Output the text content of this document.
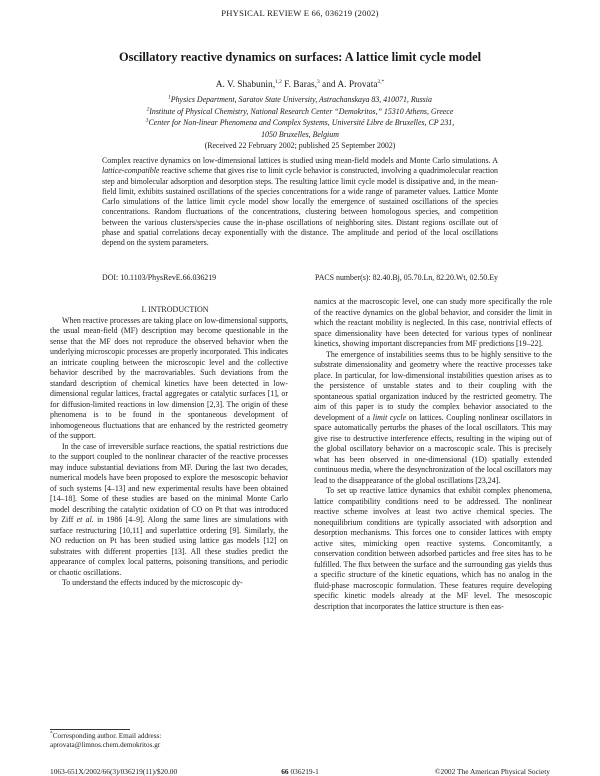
PHYSICAL REVIEW E 66, 036219 (2002)
Oscillatory reactive dynamics on surfaces: A lattice limit cycle model
A. V. Shabunin,$^{1,2}$ F. Baras,$^3$ and A. Provata$^{2,*}$
$^1$Physics Department, Saratov State University, Astrachanskaya 83, 410071, Russia
$^2$Institute of Physical Chemistry, National Research Center “Demokritos,” 15310 Athens, Greece
$^3$Center for Non-linear Phenomena and Complex Systems, Université Libre de Bruxelles, CP 231,
1050 Bruxelles, Belgium
(Received 22 February 2002; published 25 September 2002)
Complex reactive dynamics on low-dimensional lattices is studied using mean-field models and Monte Carlo simulations. A lattice-compatible reactive scheme that gives rise to limit cycle behavior is constructed, involving a quadrimolecular reaction step and bimolecular adsorption and desorption steps. The resulting lattice limit cycle model is dissipative and, in the mean-field limit, exhibits sustained oscillations of the species concentrations for a wide range of parameter values. Lattice Monte Carlo simulations of the lattice limit cycle model show locally the emergence of sustained oscillations of the species concentrations. Random fluctuations of the concentrations, clustering between homologous species, and competition between the various clusters/species cause the in-phase oscillations of neighboring sites. Distant regions oscillate out of phase and spatial correlations decay exponentially with the distance. The amplitude and period of the local oscillations depend on the system parameters.
DOI: 10.1103/PhysRevE.66.036219	PACS number(s): 82.40.Bj, 05.70.Ln, 82.20.Wt, 02.50.Ey

I. INTRODUCTION

When reactive processes are taking place on low-dimensional supports, the usual mean-field (MF) description may become questionable in the sense that the MF does not reproduce the observed behavior when the underlying microscopic processes are properly incorporated. This indicates an intricate coupling between the microscopic level and the collective behavior described by the macrovariables. Such deviations from the standard description of chemical kinetics have been detected in low-dimensional regular lattices, fractal aggregates or catalytic surfaces [1], or for diffusion-limited reactions in low dimension [2,3]. The origin of these phenomena is to be found in the spontaneous development of inhomogeneous fluctuations that are enhanced by the restricted geometry of the support.

In the case of irreversible surface reactions, the spatial restrictions due to the support coupled to the nonlinear character of the reactive processes may induce substantial deviations from MF. During the last two decades, numerical models have been proposed to explore the mesoscopic behavior of such systems [4–13] and new experimental results have been obtained [14–18]. Some of these studies are based on the minimal Monte Carlo model describing the catalytic oxidation of CO on Pt that was introduced by Ziff et al. in 1986 [4–9]. Along the same lines are simulations with surface restructuring [10,11] and superlattice ordering [9]. Similarly, the NO reduction on Pt has been studied using lattice gas models [12] on substrates with different properties [13]. All these studies predict the appearance of complex local patterns, poisoning transitions, and periodic or chaotic oscillations.

To understand the effects induced by the microscopic dy-

namics at the macroscopic level, one can study more specifically the role of the reactive dynamics on the global behavior, and consider the limit in which the reactant mobility is neglected. In this case, nontrivial effects of space dimensionality have been detected for various types of nonlinear kinetics, showing important discrepancies from MF predictions [19–22].

The emergence of instabilities seems thus to be highly sensitive to the substrate dimensionality and geometry where the reactive processes take place. In particular, for low-dimensional instabilities question arises as to the persistence of unstable states and to their coupling with the spontaneous spatial organization induced by the restricted geometry. The aim of this paper is to study the complex behavior associated to the development of a limit cycle on lattices. Coupling nonlinear oscillators in space automatically perturbs the phases of the local oscillators. This may give rise to destructive interference effects, resulting in the wiping out of the global oscillatory behavior on a macroscopic scale. This is precisely what has been observed in one-dimensional (1D) spatially extended continuous media, where the desynchronization of the local oscillators may lead to the disappearance of the global oscillations [23,24].

To set up reactive lattice dynamics that exhibit complex phenomena, lattice compatibility conditions need to be addressed. The nonlinear reactive scheme involves at least two active chemical species. The nonequilibrium conditions are typically associated with adsorption and desorption mechanisms. This forces one to consider lattices with empty active sites, mimicking open reactive systems. Concomitantly, a conservation condition between adsorbed particles and free sites has to be fulfilled. The flux between the surface and the surrounding gas yields thus a specific structure of the kinetic equations, which has no analog in the fluid-phase macroscopic formulation. These features require developing specific kinetic models already at the MF level. The mesoscopic description that incorporates the lattice structure is then eas-

*Corresponding author. Email address:
aprovata@limnos.chem.demokritos.gr
1063-651X/2002/66(3)/036219(11)/$20.00	66 036219-1	©2002 The American Physical Society
